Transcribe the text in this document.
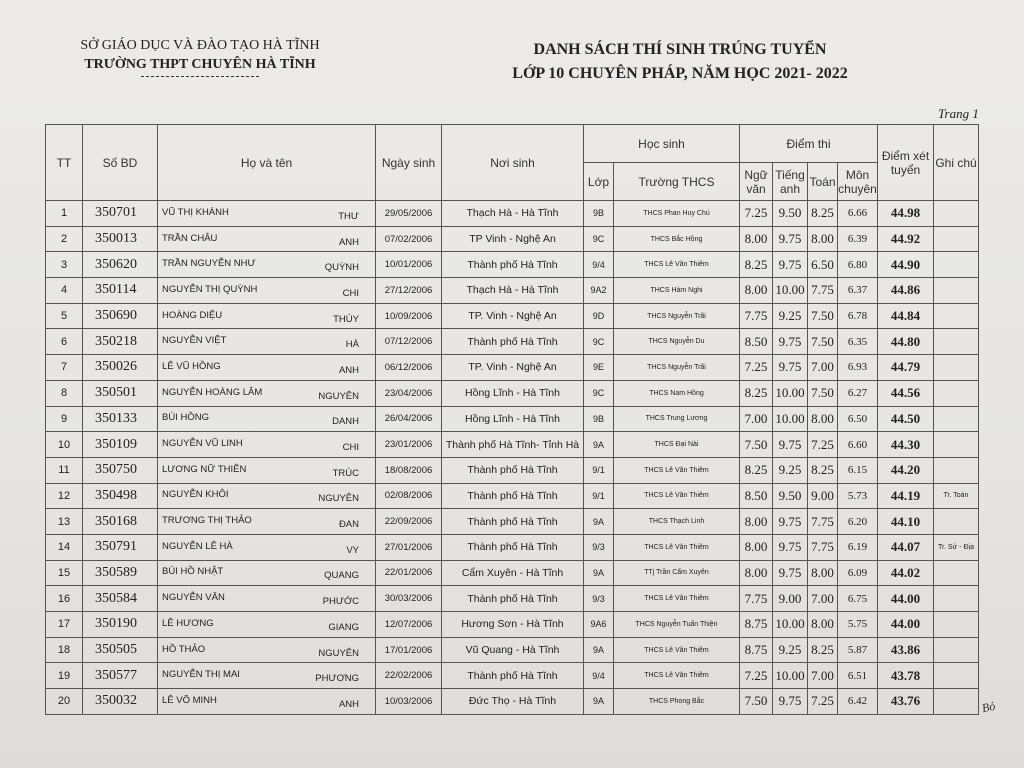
SỞ GIÁO DỤC VÀ ĐÀO TẠO HÀ TĨNH
TRƯỜNG THPT CHUYÊN HÀ TĨNH
DANH SÁCH THÍ SINH TRÚNG TUYỂN
LỚP 10 CHUYÊN PHÁP, NĂM HỌC 2021- 2022
Trang 1
TT	Số BD	Họ và tên	Ngày sinh	Nơi sinh	Học sinh		Điểm thi				Điểm xét tuyển	Ghi chú
					Lớp	Trường THCS	Ngữ văn	Tiếng anh	Toán	Môn chuyên		
1	350701	VŨ THỊ KHÁNH THƯ	29/05/2006	Thạch Hà - Hà Tĩnh	9B	THCS Phan Huy Chú	7.25	9.50	8.25	6.66	44.98	
2	350013	TRẦN CHÂU ANH	07/02/2006	TP Vinh - Nghệ An	9C	THCS Bắc Hồng	8.00	9.75	8.00	6.39	44.92	
3	350620	TRẦN NGUYỄN NHƯ QUỲNH	10/01/2006	Thành phố Hà Tĩnh	9/4	THCS Lê Văn Thiêm	8.25	9.75	6.50	6.80	44.90	
4	350114	NGUYỄN THỊ QUỲNH CHI	27/12/2006	Thạch Hà - Hà Tĩnh	9A2	THCS Hàm Nghi	8.00	10.00	7.75	6.37	44.86	
5	350690	HOÀNG DIỆU THÚY	10/09/2006	TP. Vinh - Nghệ An	9D	THCS Nguyễn Trãi	7.75	9.25	7.50	6.78	44.84	
6	350218	NGUYỄN VIỆT HÀ	07/12/2006	Thành phố Hà Tĩnh	9C	THCS Nguyễn Du	8.50	9.75	7.50	6.35	44.80	
7	350026	LÊ VŨ HỒNG ANH	06/12/2006	TP. Vinh - Nghệ An	9E	THCS Nguyễn Trãi	7.25	9.75	7.00	6.93	44.79	
8	350501	NGUYỄN HOÀNG LÂM NGUYÊN	23/04/2006	Hồng Lĩnh - Hà Tĩnh	9C	THCS Nam Hồng	8.25	10.00	7.50	6.27	44.56	
9	350133	BÙI HỒNG DANH	26/04/2006	Hồng Lĩnh - Hà Tĩnh	9B	THCS Trung Lương	7.00	10.00	8.00	6.50	44.50	
10	350109	NGUYỄN VŨ LINH CHI	23/01/2006	Thành phố Hà Tĩnh- Tỉnh Hà	9A	THCS Đại Nài	7.50	9.75	7.25	6.60	44.30	
11	350750	LƯƠNG NỮ THIÊN TRÚC	18/08/2006	Thành phố Hà Tĩnh	9/1	THCS Lê Văn Thiêm	8.25	9.25	8.25	6.15	44.20	
12	350498	NGUYỄN KHÔI NGUYÊN	02/08/2006	Thành phố Hà Tĩnh	9/1	THCS Lê Văn Thiêm	8.50	9.50	9.00	5.73	44.19	Tr. Toán
13	350168	TRƯƠNG THỊ THẢO ĐAN	22/09/2006	Thành phố Hà Tĩnh	9A	THCS Thạch Linh	8.00	9.75	7.75	6.20	44.10	
14	350791	NGUYỄN LÊ HÀ VY	27/01/2006	Thành phố Hà Tĩnh	9/3	THCS Lê Văn Thiêm	8.00	9.75	7.75	6.19	44.07	Tr. Sử - Địa
15	350589	BÙI HỒ NHẬT QUANG	22/01/2006	Cẩm Xuyên - Hà Tĩnh	9A	TTj Trần Cẩm Xuyên	8.00	9.75	8.00	6.09	44.02	
16	350584	NGUYỄN VĂN PHƯỚC	30/03/2006	Thành phố Hà Tĩnh	9/3	THCS Lê Văn Thiêm	7.75	9.00	7.00	6.75	44.00	
17	350190	LÊ HƯƠNG GIANG	12/07/2006	Hương Sơn - Hà Tĩnh	9A6	THCS Nguyễn Tuấn Thiện	8.75	10.00	8.00	5.75	44.00	
18	350505	HỒ THẢO NGUYÊN	17/01/2006	Vũ Quang - Hà Tĩnh	9A	THCS Lê Văn Thiêm	8.75	9.25	8.25	5.87	43.86	
19	350577	NGUYỄN THỊ MAI PHƯƠNG	22/02/2006	Thành phố Hà Tĩnh	9/4	THCS Lê Văn Thiêm	7.25	10.00	7.00	6.51	43.78	
20	350032	LÊ VÕ MINH ANH	10/03/2006	Đức Thọ - Hà Tĩnh	9A	THCS Phong Bắc	7.50	9.75	7.25	6.42	43.76		Bỏ
